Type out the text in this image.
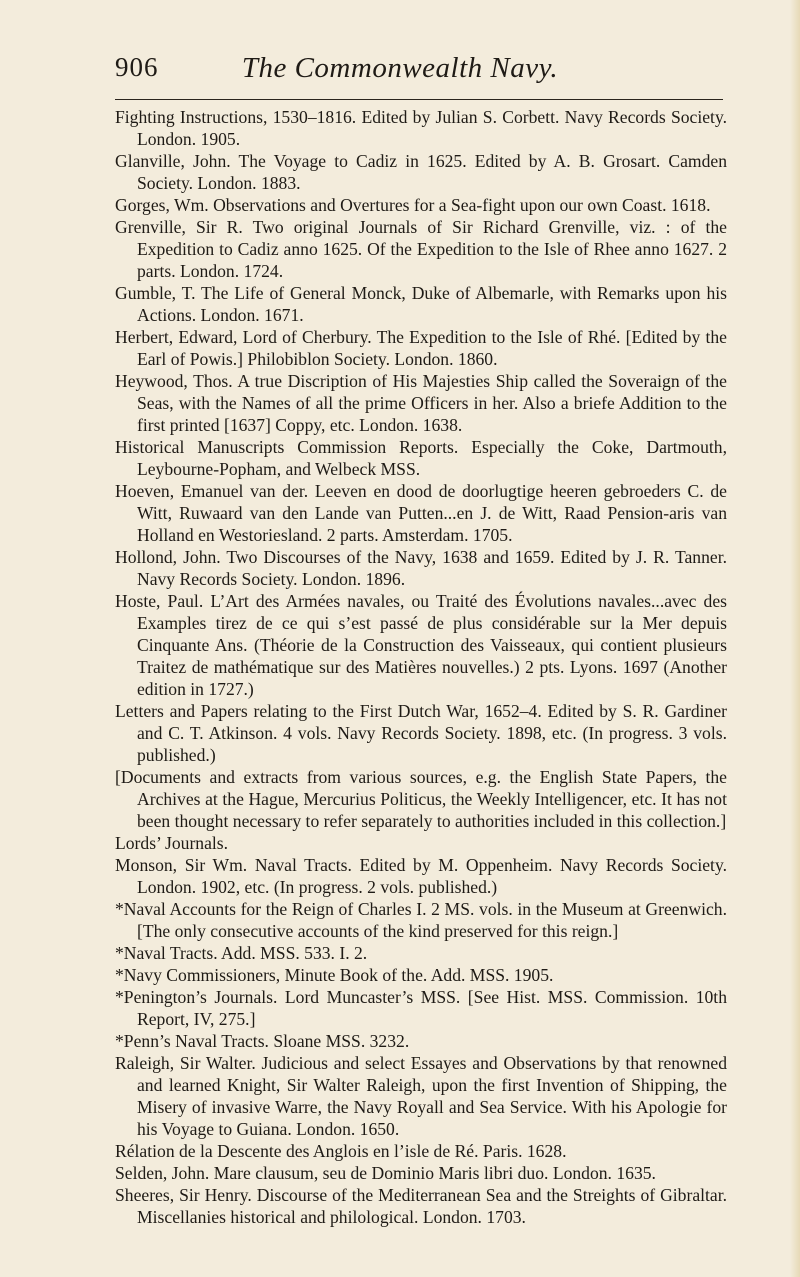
906	The Commonwealth Navy.

Fighting Instructions, 1530–1816. Edited by Julian S. Corbett. Navy Records Society. London. 1905.

Glanville, John. The Voyage to Cadiz in 1625. Edited by A. B. Grosart. Camden Society. London. 1883.

Gorges, Wm. Observations and Overtures for a Sea-fight upon our own Coast. 1618.

Grenville, Sir R. Two original Journals of Sir Richard Grenville, viz. : of the Expedition to Cadiz anno 1625. Of the Expedition to the Isle of Rhee anno 1627. 2 parts. London. 1724.

Gumble, T. The Life of General Monck, Duke of Albemarle, with Remarks upon his Actions. London. 1671.

Herbert, Edward, Lord of Cherbury. The Expedition to the Isle of Rhé. [Edited by the Earl of Powis.] Philobiblon Society. London. 1860.

Heywood, Thos. A true Discription of His Majesties Ship called the Soveraign of the Seas, with the Names of all the prime Officers in her. Also a briefe Addition to the first printed [1637] Coppy, etc. London. 1638.

Historical Manuscripts Commission Reports. Especially the Coke, Dartmouth, Leybourne-Popham, and Welbeck MSS.

Hoeven, Emanuel van der. Leeven en dood de doorlugtige heeren gebroeders C. de Witt, Ruwaard van den Lande van Putten...en J. de Witt, Raad Pension-aris van Holland en Westoriesland. 2 parts. Amsterdam. 1705.

Hollond, John. Two Discourses of the Navy, 1638 and 1659. Edited by J. R. Tanner. Navy Records Society. London. 1896.

Hoste, Paul. L’Art des Armées navales, ou Traité des Évolutions navales...avec des Examples tirez de ce qui s’est passé de plus considérable sur la Mer depuis Cinquante Ans. (Théorie de la Construction des Vaisseaux, qui contient plusieurs Traitez de mathématique sur des Matières nouvelles.) 2 pts. Lyons. 1697 (Another edition in 1727.)

Letters and Papers relating to the First Dutch War, 1652–4. Edited by S. R. Gardiner and C. T. Atkinson. 4 vols. Navy Records Society. 1898, etc. (In progress. 3 vols. published.)

[Documents and extracts from various sources, e.g. the English State Papers, the Archives at the Hague, Mercurius Politicus, the Weekly Intelligencer, etc. It has not been thought necessary to refer separately to authorities included in this collection.]

Lords’ Journals.

Monson, Sir Wm. Naval Tracts. Edited by M. Oppenheim. Navy Records Society. London. 1902, etc. (In progress. 2 vols. published.)

*Naval Accounts for the Reign of Charles I. 2 MS. vols. in the Museum at Greenwich. [The only consecutive accounts of the kind preserved for this reign.]

*Naval Tracts. Add. MSS. 533. I. 2.

*Navy Commissioners, Minute Book of the. Add. MSS. 1905.

*Penington’s Journals. Lord Muncaster’s MSS. [See Hist. MSS. Commission. 10th Report, IV, 275.]

*Penn’s Naval Tracts. Sloane MSS. 3232.

Raleigh, Sir Walter. Judicious and select Essayes and Observations by that renowned and learned Knight, Sir Walter Raleigh, upon the first Invention of Shipping, the Misery of invasive Warre, the Navy Royall and Sea Service. With his Apologie for his Voyage to Guiana. London. 1650.

Rélation de la Descente des Anglois en l’isle de Ré. Paris. 1628.

Selden, John. Mare clausum, seu de Dominio Maris libri duo. London. 1635.

Sheeres, Sir Henry. Discourse of the Mediterranean Sea and the Streights of Gibraltar. Miscellanies historical and philological. London. 1703.
